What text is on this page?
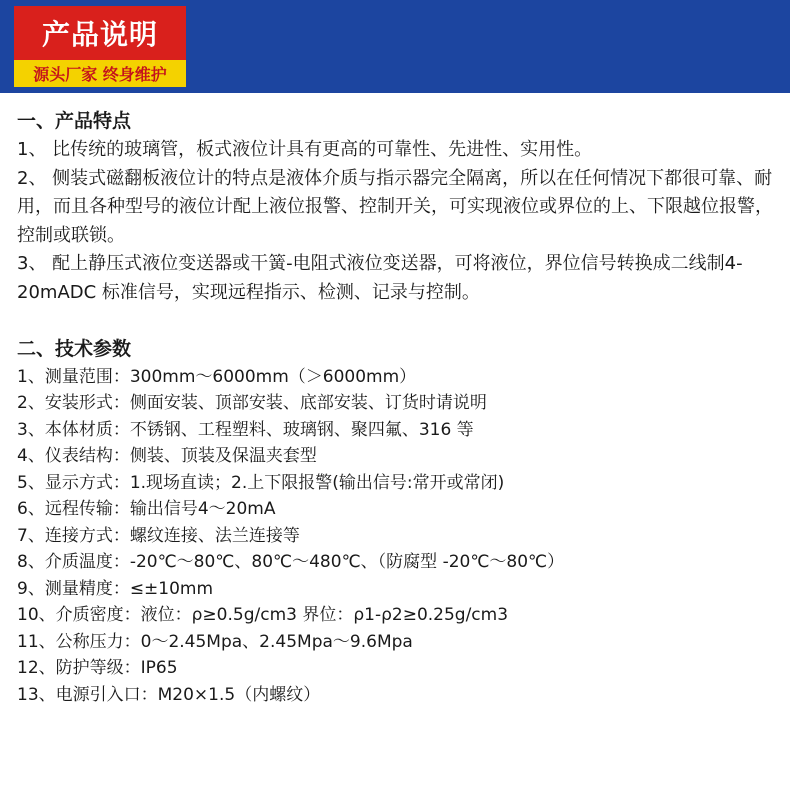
产品说明
源头厂家 终身维护
一、产品特点

1、 比传统的玻璃管，板式液位计具有更高的可靠性、先进性、实用性。

2、 侧装式磁翻板液位计的特点是液体介质与指示器完全隔离，所以在任何情况下都很可靠、耐用，而且各种型号的液位计配上液位报警、控制开关，可实现液位或界位的上、下限越位报警，控制或联锁。

3、 配上静压式液位变送器或干簧-电阻式液位变送器，可将液位，界位信号转换成二线制4-20mADC 标准信号，实现远程指示、检测、记录与控制。

二、技术参数
1、测量范围：300mm～6000mm（＞6000mm）
2、安装形式：侧面安装、顶部安装、底部安装、订货时请说明
3、本体材质：不锈钢、工程塑料、玻璃钢、聚四氟、316 等
4、仪表结构：侧装、顶装及保温夹套型
5、显示方式：1.现场直读；2.上下限报警(输出信号:常开或常闭)
6、远程传输：输出信号4～20mA
7、连接方式：螺纹连接、法兰连接等
8、介质温度：-20℃～80℃、80℃～480℃、（防腐型 -20℃～80℃）
9、测量精度：≤±10mm
10、介质密度：液位：ρ≥0.5g/cm3 界位：ρ1-ρ2≥0.25g/cm3
11、公称压力：0～2.45Mpa、2.45Mpa～9.6Mpa
12、防护等级：IP65
13、电源引入口：M20×1.5（内螺纹）
